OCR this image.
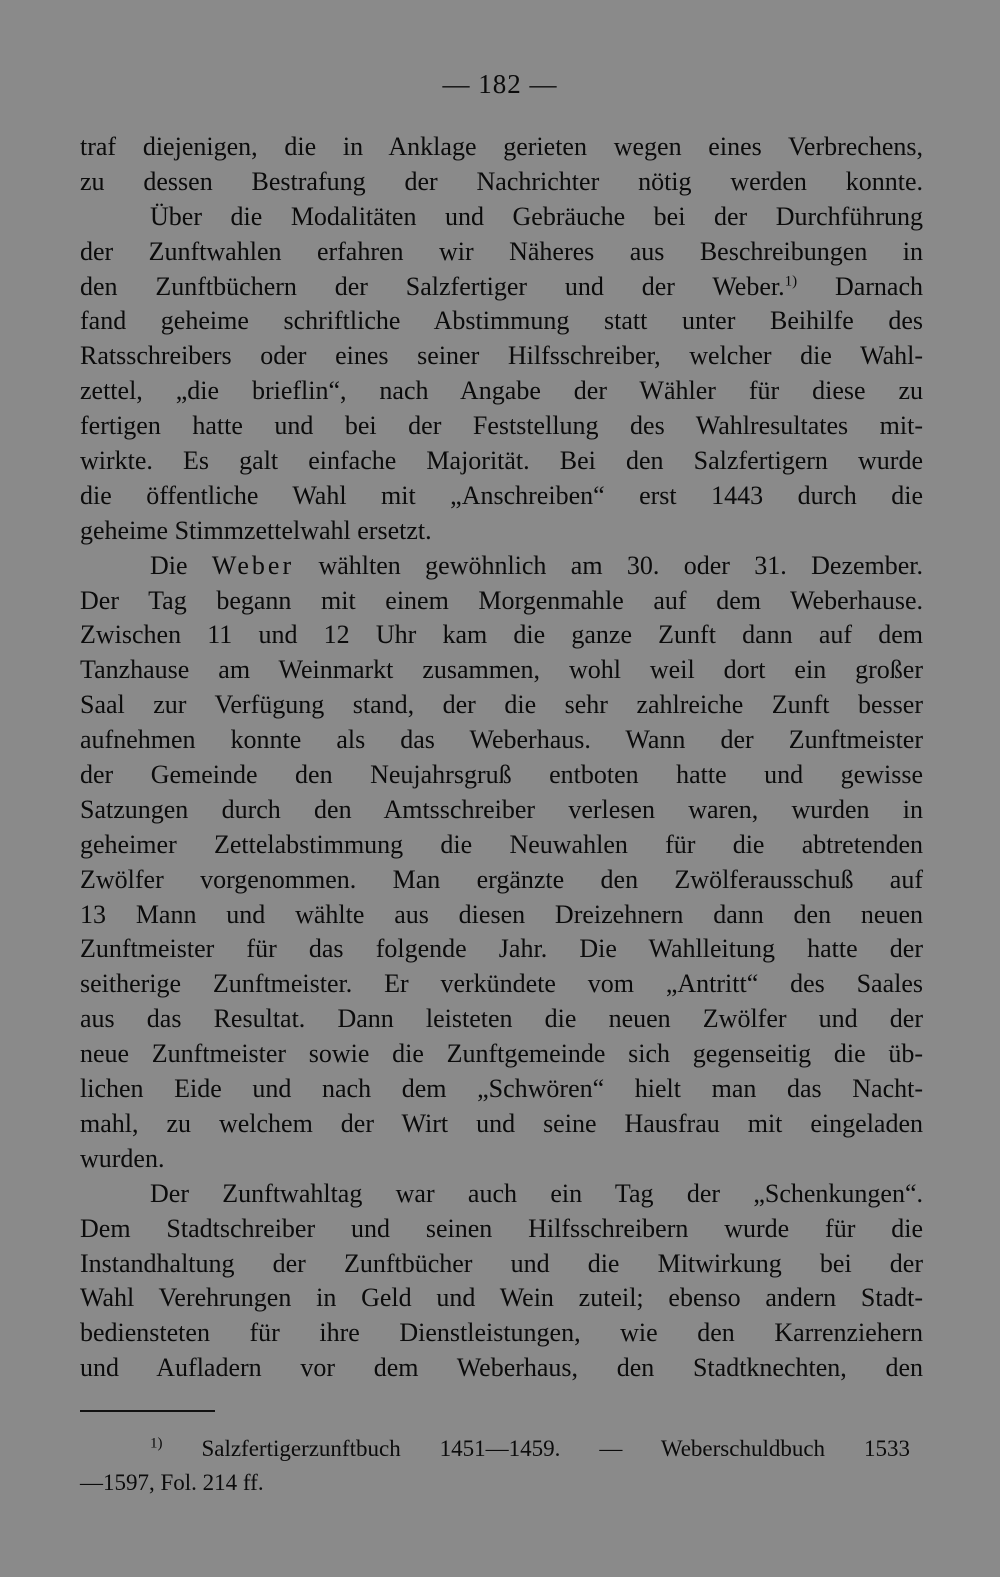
— 182 —
traf diejenigen, die in Anklage gerieten wegen eines Verbrechens,
zu dessen Bestrafung der Nachrichter nötig werden konnte.
Über die Modalitäten und Gebräuche bei der Durchführung
der Zunftwahlen erfahren wir Näheres aus Beschreibungen in
den Zunftbüchern der Salzfertiger und der Weber.$^{1)}$ Darnach
fand geheime schriftliche Abstimmung statt unter Beihilfe des
Ratsschreibers oder eines seiner Hilfsschreiber, welcher die Wahl-
zettel, „die brieflin“, nach Angabe der Wähler für diese zu
fertigen hatte und bei der Feststellung des Wahlresultates mit-
wirkte. Es galt einfache Majorität. Bei den Salzfertigern wurde
die öffentliche Wahl mit „Anschreiben“ erst 1443 durch die
geheime Stimmzettelwahl ersetzt.
Die Weber wählten gewöhnlich am 30. oder 31. Dezember.
Der Tag begann mit einem Morgenmahle auf dem Weberhause.
Zwischen 11 und 12 Uhr kam die ganze Zunft dann auf dem
Tanzhause am Weinmarkt zusammen, wohl weil dort ein großer
Saal zur Verfügung stand, der die sehr zahlreiche Zunft besser
aufnehmen konnte als das Weberhaus. Wann der Zunftmeister
der Gemeinde den Neujahrsgruß entboten hatte und gewisse
Satzungen durch den Amtsschreiber verlesen waren, wurden in
geheimer Zettelabstimmung die Neuwahlen für die abtretenden
Zwölfer vorgenommen. Man ergänzte den Zwölferausschuß auf
13 Mann und wählte aus diesen Dreizehnern dann den neuen
Zunftmeister für das folgende Jahr. Die Wahlleitung hatte der
seitherige Zunftmeister. Er verkündete vom „Antritt“ des Saales
aus das Resultat. Dann leisteten die neuen Zwölfer und der
neue Zunftmeister sowie die Zunftgemeinde sich gegenseitig die üb-
lichen Eide und nach dem „Schwören“ hielt man das Nacht-
mahl, zu welchem der Wirt und seine Hausfrau mit eingeladen
wurden.
Der Zunftwahltag war auch ein Tag der „Schenkungen“.
Dem Stadtschreiber und seinen Hilfsschreibern wurde für die
Instandhaltung der Zunftbücher und die Mitwirkung bei der
Wahl Verehrungen in Geld und Wein zuteil; ebenso andern Stadt-
bediensteten für ihre Dienstleistungen, wie den Karrenziehern
und Aufladern vor dem Weberhaus, den Stadtknechten, den
$^{1)}$ Salzfertigerzunftbuch 1451—1459. — Weberschuldbuch 1533
—1597, Fol. 214 ff.
